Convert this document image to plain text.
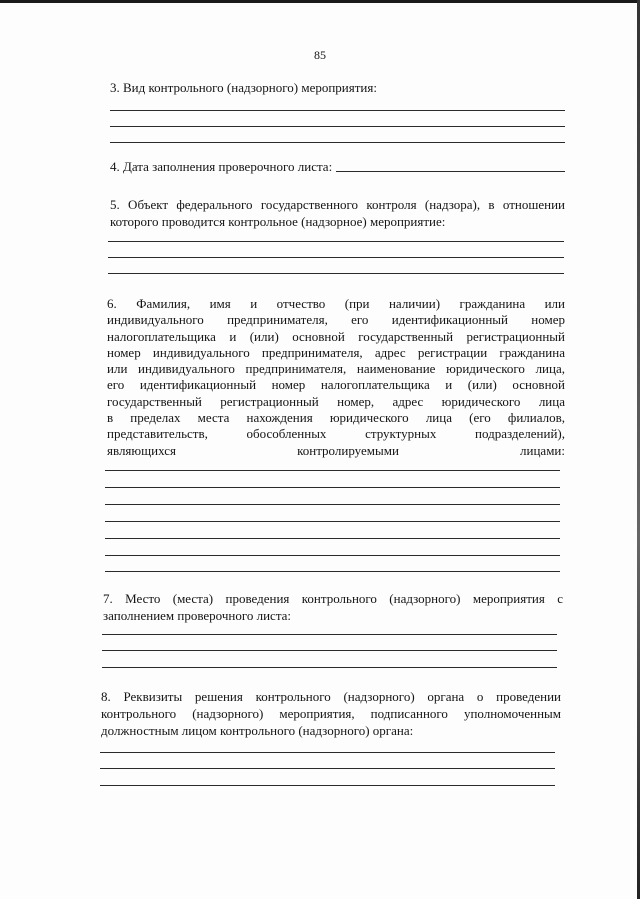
85

3. Вид контрольного (надзорного) мероприятия:

4. Дата заполнения проверочного листа:

5. Объект федерального государственного контроля (надзора), в отношении которого проводится контрольное (надзорное) мероприятие:

6. Фамилия, имя и отчество (при наличии) гражданина или

индивидуального предпринимателя, его идентификационный номер

налогоплательщика и (или) основной государственный регистрационный

номер индивидуального предпринимателя, адрес регистрации гражданина

или индивидуального предпринимателя, наименование юридического лица,

его идентификационный номер налогоплательщика и (или) основной

государственный регистрационный номер, адрес юридического лица

в пределах места нахождения юридического лица (его филиалов,

представительств, обособленных структурных подразделений),

являющихся контролируемыми лицами:

7. Место (места) проведения контрольного (надзорного) мероприятия с заполнением проверочного листа:

8. Реквизиты решения контрольного (надзорного) органа о проведении контрольного (надзорного) мероприятия, подписанного уполномоченным должностным лицом контрольного (надзорного) органа:
